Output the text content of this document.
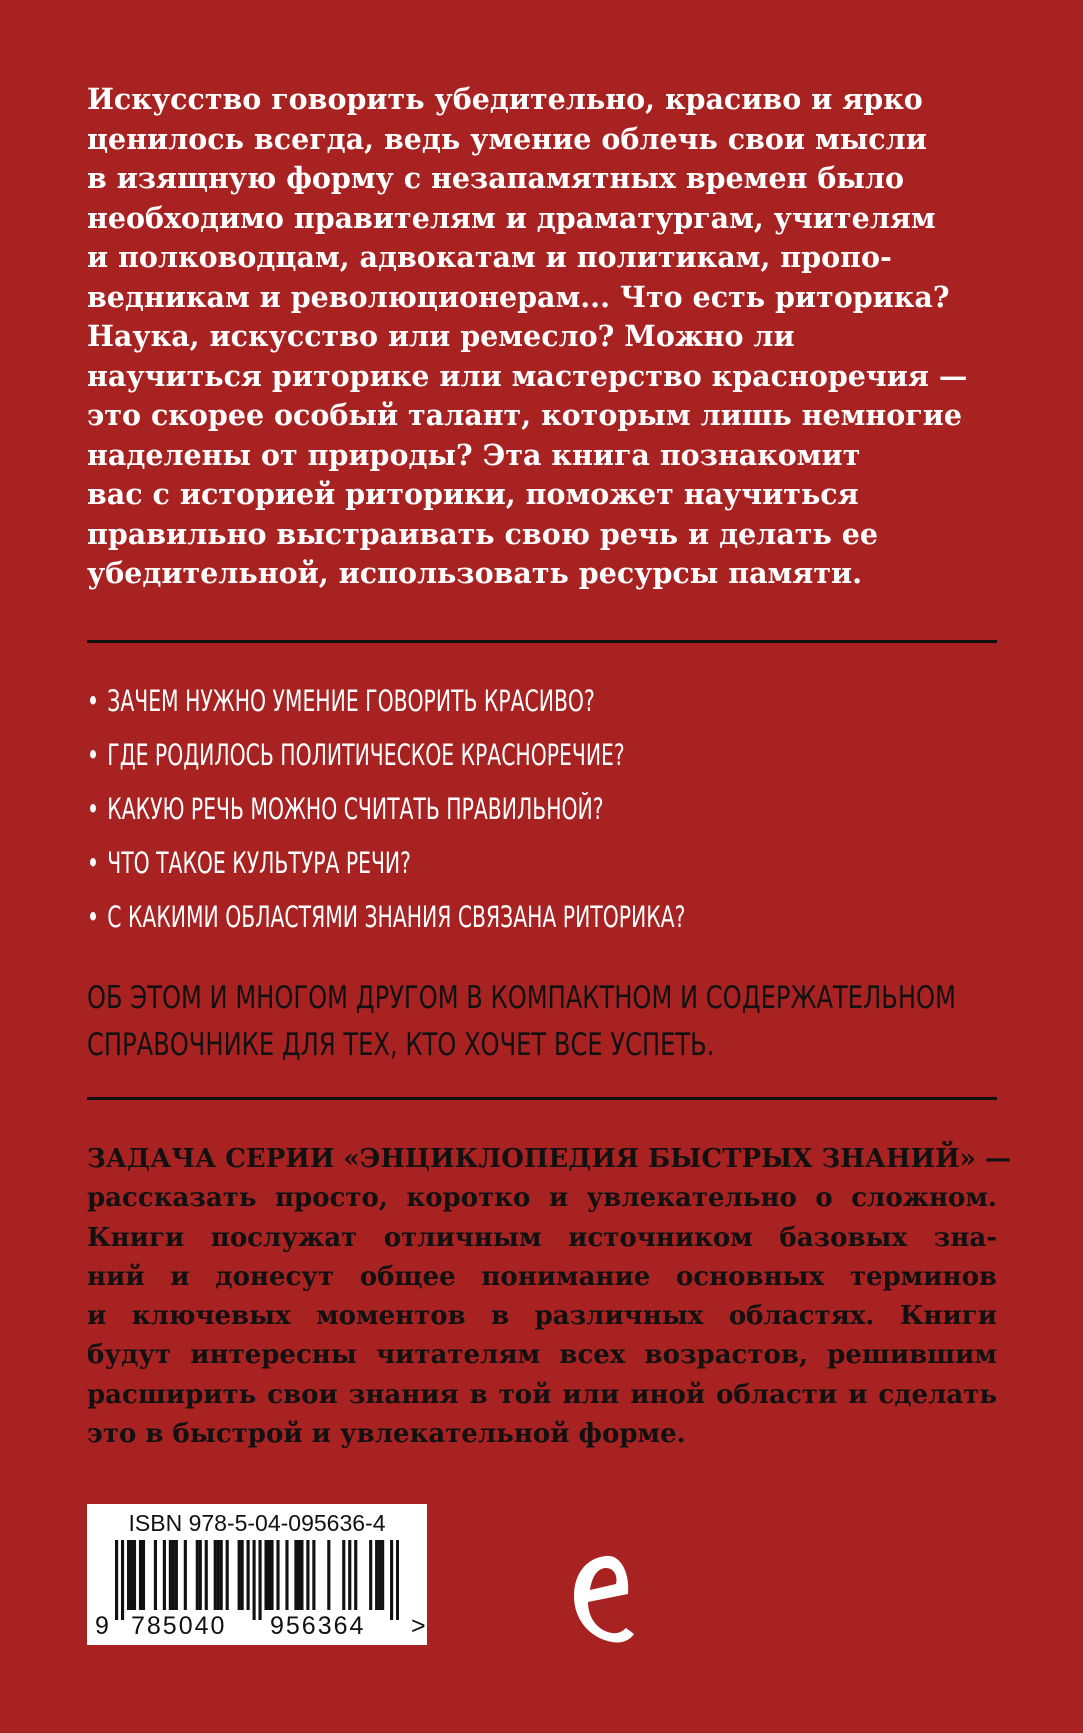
Искусство говорить убедительно, красиво и ярко
ценилось всегда, ведь умение облечь свои мысли
в изящную форму с незапамятных времен было
необходимо правителям и драматургам, учителям
и полководцам, адвокатам и политикам, пропо-
ведникам и революционерам... Что есть риторика?
Наука, искусство или ремесло? Можно ли
научиться риторике или мастерство красноречия —
это скорее особый талант, которым лишь немногие
наделены от природы? Эта книга познакомит
вас с историей риторики, поможет научиться
правильно выстраивать свою речь и делать ее
убедительной, использовать ресурсы памяти.
• ЗАЧЕМ НУЖНО УМЕНИЕ ГОВОРИТЬ КРАСИВО?
• ГДЕ РОДИЛОСЬ ПОЛИТИЧЕСКОЕ КРАСНОРЕЧИЕ?
• КАКУЮ РЕЧЬ МОЖНО СЧИТАТЬ ПРАВИЛЬНОЙ?
• ЧТО ТАКОЕ КУЛЬТУРА РЕЧИ?
• С КАКИМИ ОБЛАСТЯМИ ЗНАНИЯ СВЯЗАНА РИТОРИКА?
ОБ ЭТОМ И МНОГОМ ДРУГОМ В КОМПАКТНОМ И СОДЕРЖАТЕЛЬНОМ
СПРАВОЧНИКЕ ДЛЯ ТЕХ, КТО ХОЧЕТ ВСЕ УСПЕТЬ.
ЗАДАЧА СЕРИИ «ЭНЦИКЛОПЕДИЯ БЫСТРЫХ ЗНАНИЙ» —
рассказать просто, коротко и увлекательно о сложном.
Книги послужат отличным источником базовых зна-
ний и донесут общее понимание основных терминов
и ключевых моментов в различных областях. Книги
будут интересны читателям всех возрастов, решившим
расширить свои знания в той или иной области и сделать
это в быстрой и увлекательной форме.
ISBN 978-5-04-095636-4
9 785040 956364 >
